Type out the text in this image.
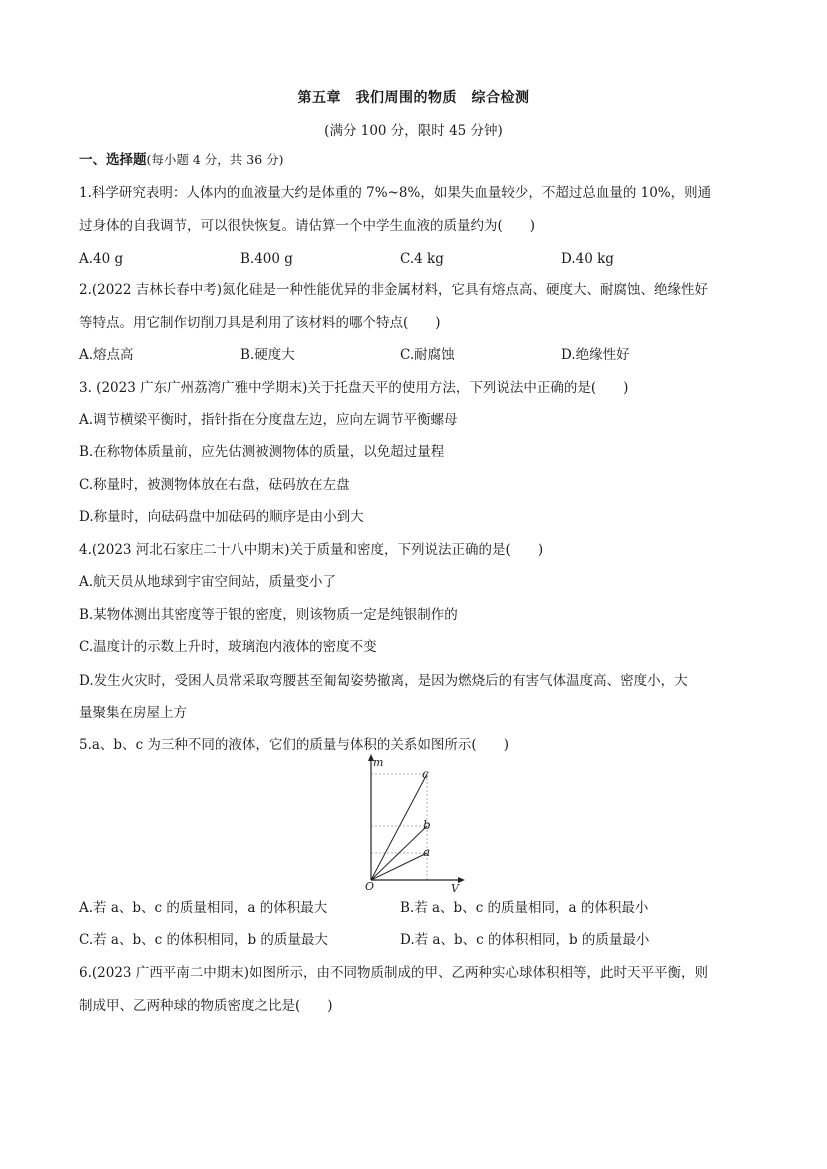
第五章　我们周围的物质　综合检测
(满分 100 分，限时 45 分钟)
一、选择题(每小题 4 分，共 36 分)
1.科学研究表明：人体内的血液量大约是体重的 7%~8%，如果失血量较少，不超过总血量的 10%，则通
过身体的自我调节，可以很快恢复。请估算一个中学生血液的质量约为(　　)
A.40 g	B.400 g	C.4 kg	D.40 kg
2.(2022 吉林长春中考)氮化硅是一种性能优异的非金属材料，它具有熔点高、硬度大、耐腐蚀、绝缘性好
等特点。用它制作切削刀具是利用了该材料的哪个特点(　　)
A.熔点高	B.硬度大	C.耐腐蚀	D.绝缘性好
3. (2023 广东广州荔湾广雅中学期末)关于托盘天平的使用方法，下列说法中正确的是(　　)
A.调节横梁平衡时，指针指在分度盘左边，应向左调节平衡螺母
B.在称物体质量前，应先估测被测物体的质量，以免超过量程
C.称量时，被测物体放在右盘，砝码放在左盘
D.称量时，向砝码盘中加砝码的顺序是由小到大
4.(2023 河北石家庄二十八中期末)关于质量和密度，下列说法正确的是(　　)
A.航天员从地球到宇宙空间站，质量变小了
B.某物体测出其密度等于银的密度，则该物质一定是纯银制作的
C.温度计的示数上升时，玻璃泡内液体的密度不变
D.发生火灾时，受困人员常采取弯腰甚至匍匐姿势撤离，是因为燃烧后的有害气体温度高、密度小，大
量聚集在房屋上方
5.a、b、c 为三种不同的液体，它们的质量与体积的关系如图所示(　　)
m
V
O
c
b
a
A.若 a、b、c 的质量相同，a 的体积最大	B.若 a、b、c 的质量相同，a 的体积最小
C.若 a、b、c 的体积相同，b 的质量最大	D.若 a、b、c 的体积相同，b 的质量最小
6.(2023 广西平南二中期末)如图所示，由不同物质制成的甲、乙两种实心球体积相等，此时天平平衡，则
制成甲、乙两种球的物质密度之比是(　　)
